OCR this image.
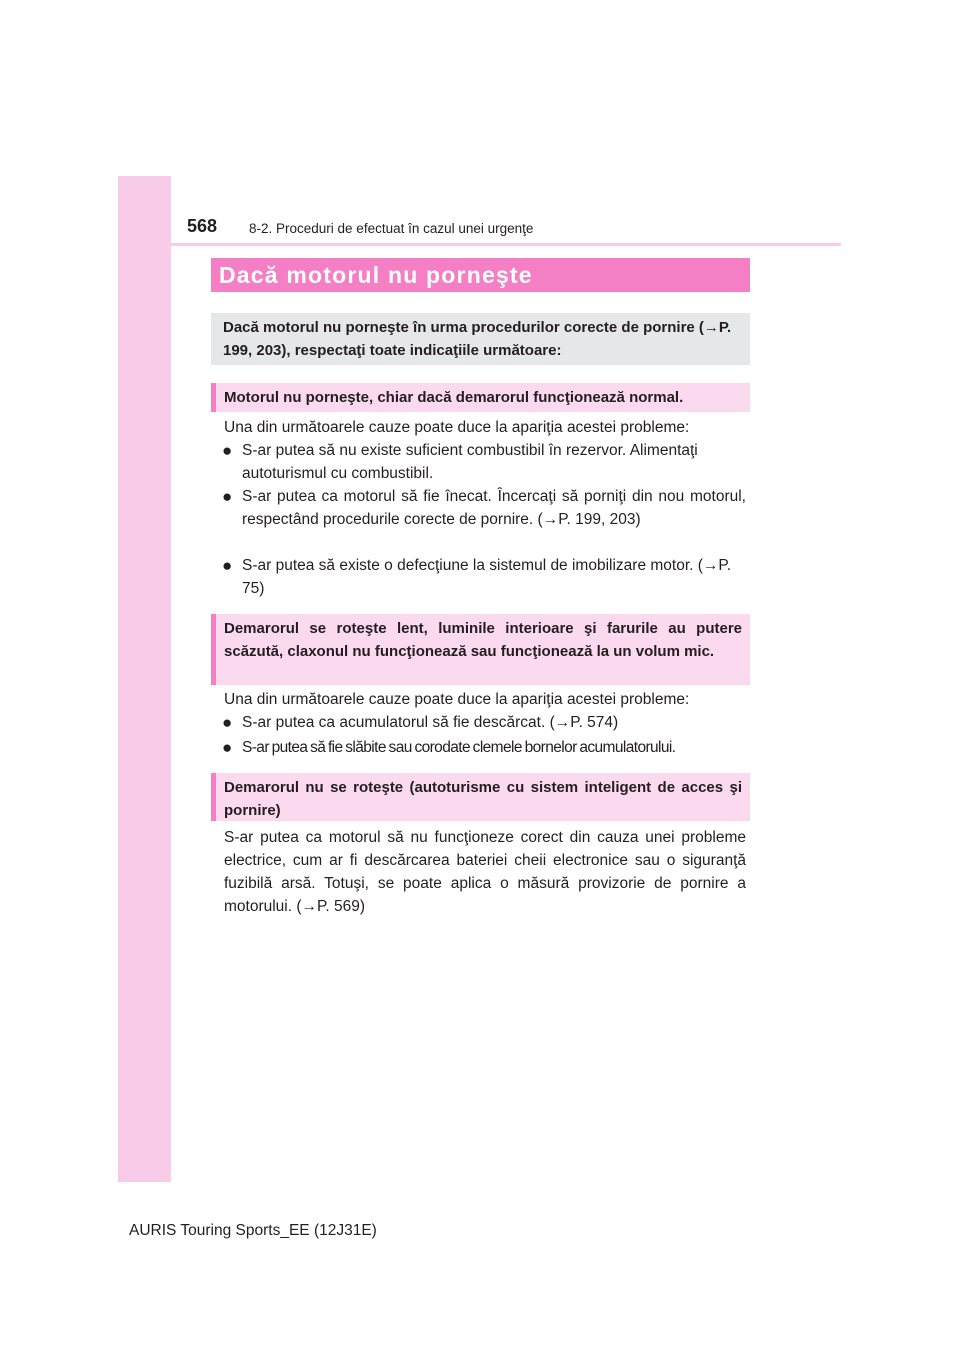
568 8-2. Proceduri de efectuat în cazul unei urgenţe
Dacă motorul nu porneşte
Dacă motorul nu porneşte în urma procedurilor corecte de pornire (→P. 199, 203), respectaţi toate indicaţiile următoare:
Motorul nu porneşte, chiar dacă demarorul funcţionează normal.

Una din următoarele cauze poate duce la apariţia acestei probleme:

● S-ar putea să nu existe suficient combustibil în rezervor. Alimentaţi autoturismul cu combustibil.

● S-ar putea ca motorul să fie înecat. Încercaţi să porniţi din nou motorul, respectând procedurile corecte de pornire. (→P. 199, 203)

● S-ar putea să existe o defecţiune la sistemul de imobilizare motor. (→P. 75)

Demarorul se roteşte lent, luminile interioare şi farurile au putere scăzută, claxonul nu funcţionează sau funcţionează la un volum mic.

Una din următoarele cauze poate duce la apariţia acestei probleme:

● S-ar putea ca acumulatorul să fie descărcat. (→P. 574)

● S-ar putea să fie slăbite sau corodate clemele bornelor acumulatorului.

Demarorul nu se roteşte (autoturisme cu sistem inteligent de acces şi pornire)

S-ar putea ca motorul să nu funcţioneze corect din cauza unei probleme electrice, cum ar fi descărcarea bateriei cheii electronice sau o siguranţă fuzibilă arsă. Totuşi, se poate aplica o măsură provizorie de pornire a motorului. (→P. 569)

AURIS Touring Sports_EE (12J31E)
